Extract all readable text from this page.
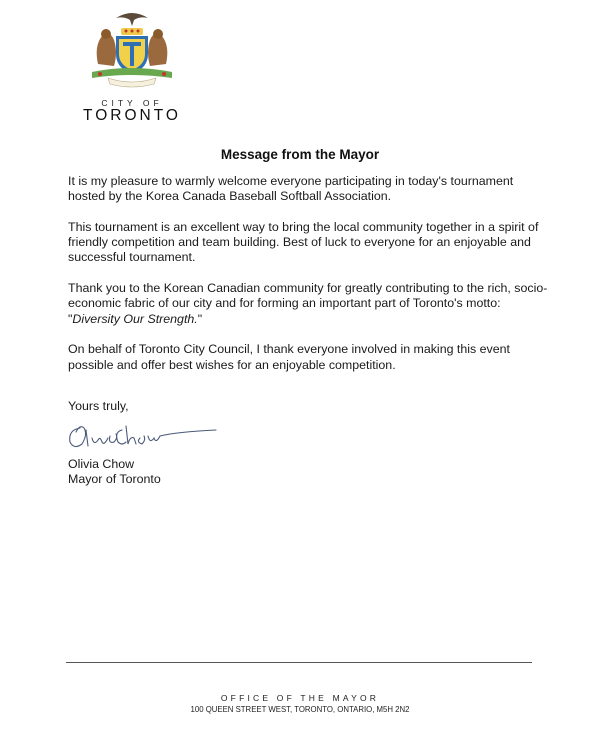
CITY OF
TORONTO
Message from the Mayor

It is my pleasure to warmly welcome everyone participating in today's tournament hosted by the Korea Canada Baseball Softball Association.

This tournament is an excellent way to bring the local community together in a spirit of friendly competition and team building. Best of luck to everyone for an enjoyable and successful tournament.

Thank you to the Korean Canadian community for greatly contributing to the rich, socio-economic fabric of our city and for forming an important part of Toronto's motto: "Diversity Our Strength."

On behalf of Toronto City Council, I thank everyone involved in making this event possible and offer best wishes for an enjoyable competition.

Yours truly,
Olivia Chow
Mayor of Toronto
OFFICE OF THE MAYOR
100 QUEEN STREET WEST, TORONTO, ONTARIO, M5H 2N2
